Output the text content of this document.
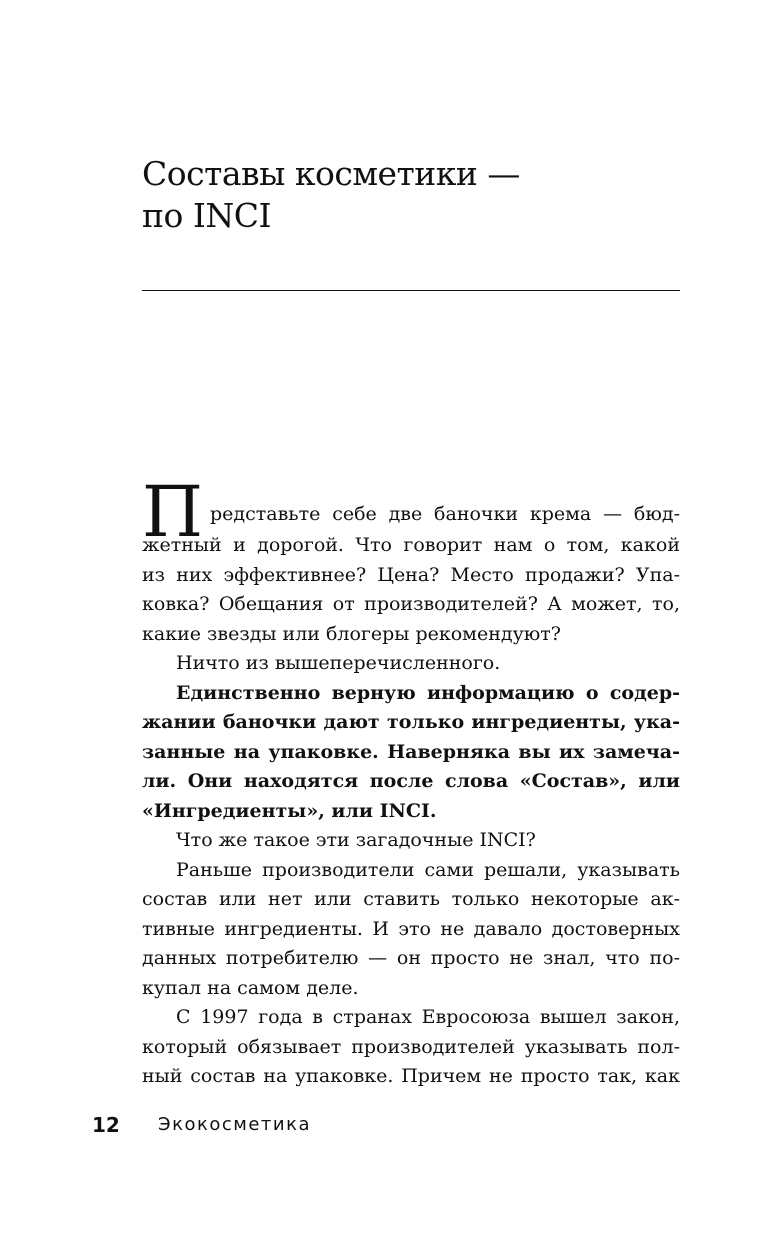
Составы косметики —
по INCI
П редставьте себе две баночки крема — бюд-
жетный и дорогой. Что говорит нам о том, какой
из них эффективнее? Цена? Место продажи? Упа-
ковка? Обещания от производителей? А может, то,
какие звезды или блогеры рекомендуют?
Ничто из вышеперечисленного.
Единственно верную информацию о содер-
жании баночки дают только ингредиенты, ука-
занные на упаковке. Наверняка вы их замеча-
ли. Они находятся после слова «Состав», или
«Ингредиенты», или INCI.
Что же такое эти загадочные INCI?
Раньше производители сами решали, указывать
состав или нет или ставить только некоторые ак-
тивные ингредиенты. И это не давало достоверных
данных потребителю — он просто не знал, что по-
купал на самом деле.
С 1997 года в странах Евросоюза вышел закон,
который обязывает производителей указывать пол-
ный состав на упаковке. Причем не просто так, как
12 Экокосметика
